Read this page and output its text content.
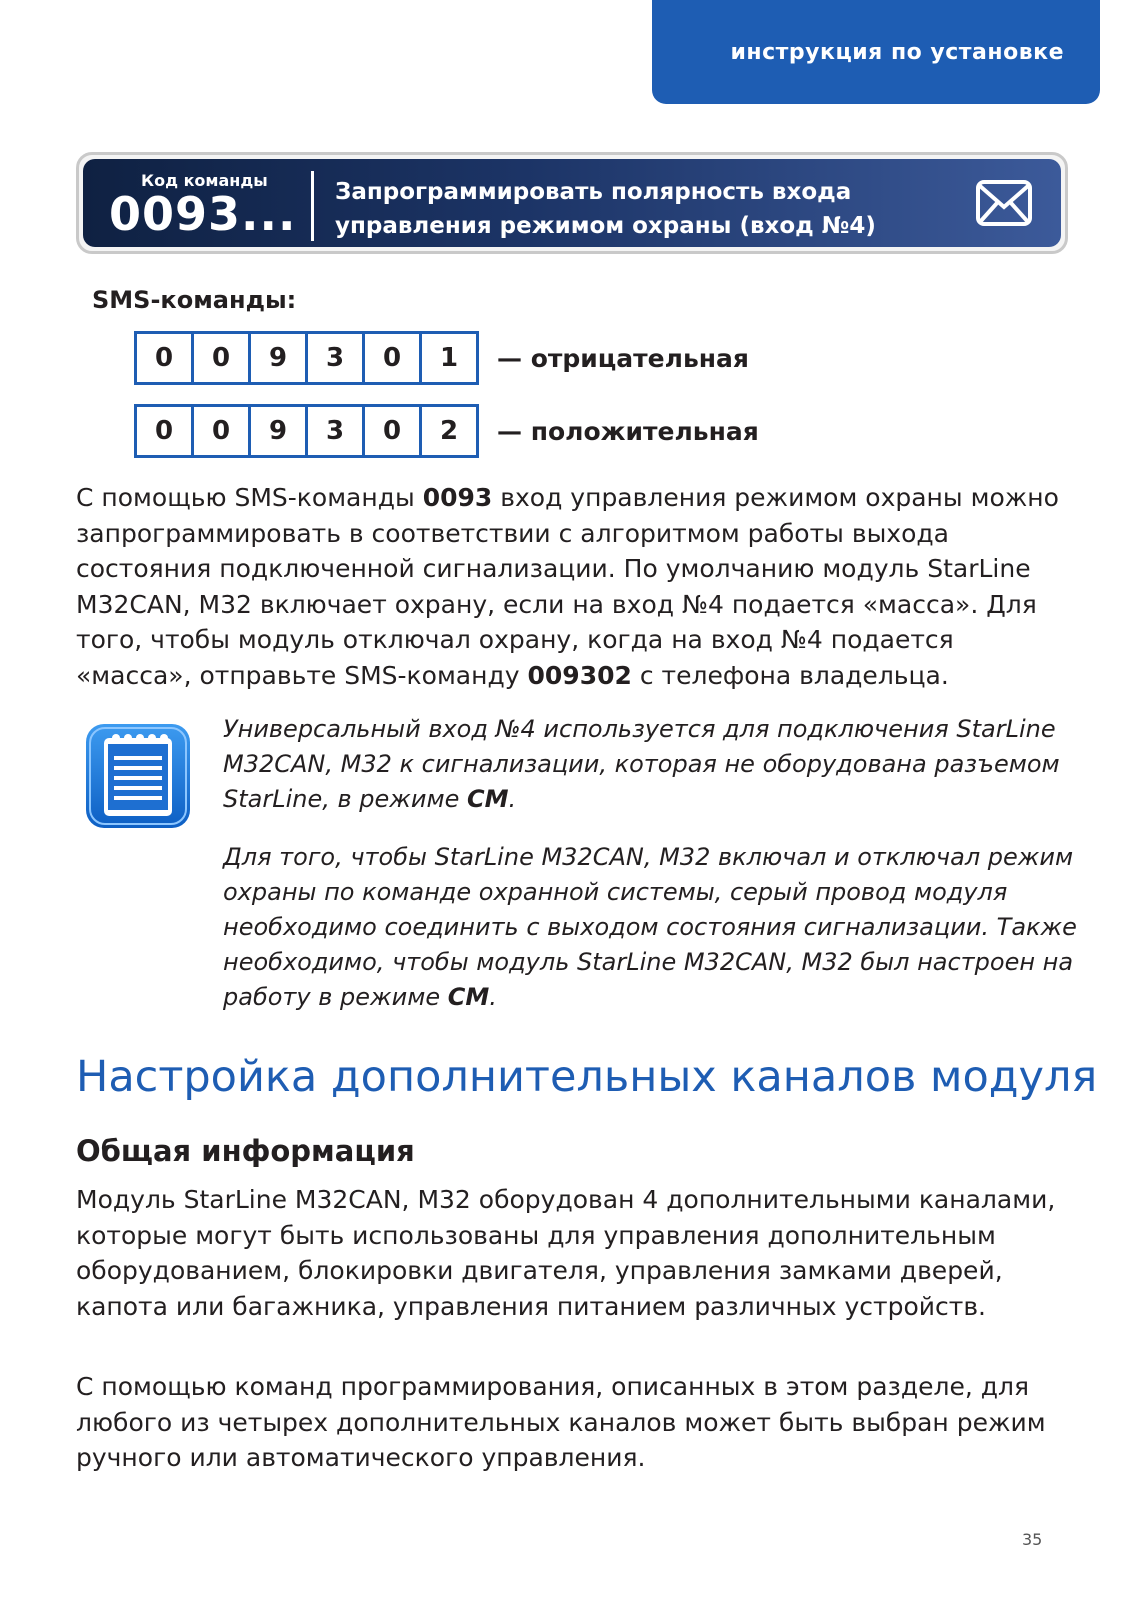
инструкция по установке
Код команды
0093... Запрограммировать полярность входа
управления режимом охраны (вход №4)
SMS-команды:
0	0	9	3	0	1	— отрицательная
0	0	9	3	0	2	— положительная

С помощью SMS-команды 0093 вход управления режимом охраны можно запрограммировать в соответствии с алгоритмом работы выхода состояния подключенной сигнализации. По умолчанию модуль StarLine M32CAN, M32 включает охрану, если на вход №4 подается «масса». Для того, чтобы модуль отключал охрану, когда на вход №4 подается «масса», отправьте SMS-команду 009302 с телефона владельца.

Универсальный вход №4 используется для подключения StarLine M32CAN, M32 к сигнализации, которая не оборудована разъемом StarLine, в режиме CM.

Для того, чтобы StarLine M32CAN, M32 включал и отключал режим охраны по команде охранной системы, серый провод модуля необходимо соединить с выходом состояния сигнализации. Также необходимо, чтобы модуль StarLine M32CAN, M32 был настроен на работу в режиме CM.

Настройка дополнительных каналов модуля
Общая информация

Модуль StarLine M32CAN, M32 оборудован 4 дополнительными каналами, которые могут быть использованы для управления дополнительным оборудованием, блокировки двигателя, управления замками дверей, капота или багажника, управления питанием различных устройств.

С помощью команд программирования, описанных в этом разделе, для любого из четырех дополнительных каналов может быть выбран режим ручного или автоматического управления.

35
